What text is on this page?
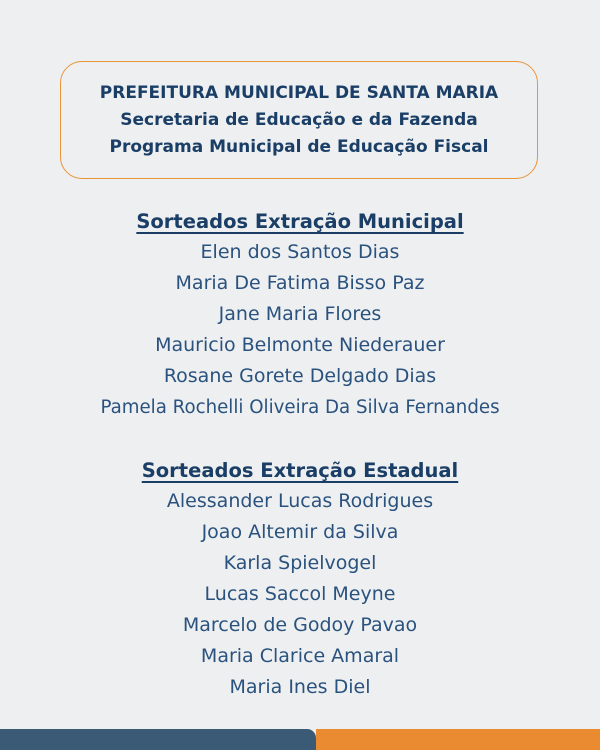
PREFEITURA MUNICIPAL DE SANTA MARIA
Secretaria de Educação e da Fazenda
Programa Municipal de Educação Fiscal
Sorteados Extração Municipal
Elen dos Santos Dias
Maria De Fatima Bisso Paz
Jane Maria Flores
Mauricio Belmonte Niederauer
Rosane Gorete Delgado Dias
Pamela Rochelli Oliveira Da Silva Fernandes
Sorteados Extração Estadual
Alessander Lucas Rodrigues
Joao Altemir da Silva
Karla Spielvogel
Lucas Saccol Meyne
Marcelo de Godoy Pavao
Maria Clarice Amaral
Maria Ines Diel
